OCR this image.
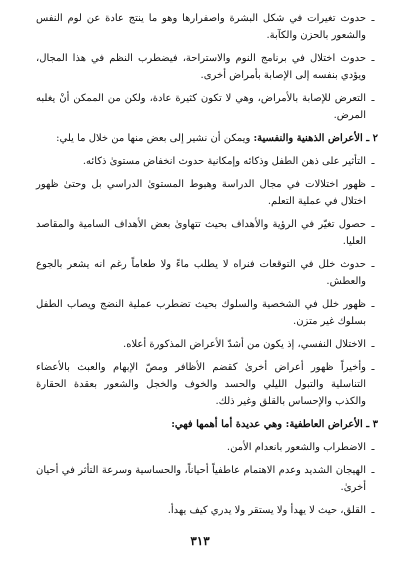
ـ
حدوث تغيرات في شكل البشرة واصفرارها وهو ما ينتج عادة عن لوم النفس والشعور بالحزن والكآبة.
ـ
حدوث اختلال في برنامج النوم والاستراحة، فيضطرب النظم في هذا المجال، ويؤدي بنفسه إلى الإصابة بأمراض أخرى.
ـ
التعرض للإصابة بالأمراض، وهي لا تكون كثيرة عادة، ولكن من الممكن أنْ يغلبه المرض.

٢ ـ الأعراض الذهنية والنفسية: ويمكن أن نشير إلى بعض منها من خلال ما يلي:

ـ
التأثير على ذهن الطفل وذكائه وإمكانية حدوث انخفاض مستوىٰ ذكائه.
ـ
ظهور اختلالات في مجال الدراسة وهبوط المستوىٰ الدراسي بل وحتىٰ ظهور اختلال في عملية التعلم.
ـ
حصول تغيّر في الرؤية والأهداف بحيث تتهاوىٰ بعض الأهداف السامية والمقاصد العليا.
ـ
حدوث خلل في التوقعات فنراه لا يطلب ماءً ولا طعاماً رغم انه يشعر بالجوع والعطش.
ـ
ظهور خلل في الشخصية والسلوك بحيث تضطرب عملية النضج ويصاب الطفل بسلوك غير متزن.
ـ
الاختلال النفسي، إذ يكون من أشدّ الأعراض المذكورة أعلاه.
ـ
وأخيراً ظهور أعراض أخرىٰ كقضم الأظافر ومصّ الإبهام والعبث بالأعضاء التناسلية والتبول الليلي والحسد والخوف والخجل والشعور بعقدة الحقارة والكذب والإحساس بالقلق وغير ذلك.

٣ ـ الأعراض العاطفية: وهي عديدة أما أهمها فهي:

ـ
الاضطراب والشعور بانعدام الأمن.
ـ
الهيجان الشديد وعدم الاهتمام عاطفياً أحياناً، والحساسية وسرعة التأثر في أحيان أخرىٰ.
ـ
القلق، حيث لا يهدأ ولا يستقر ولا يدري كيف يهدأ.
٣١٣
